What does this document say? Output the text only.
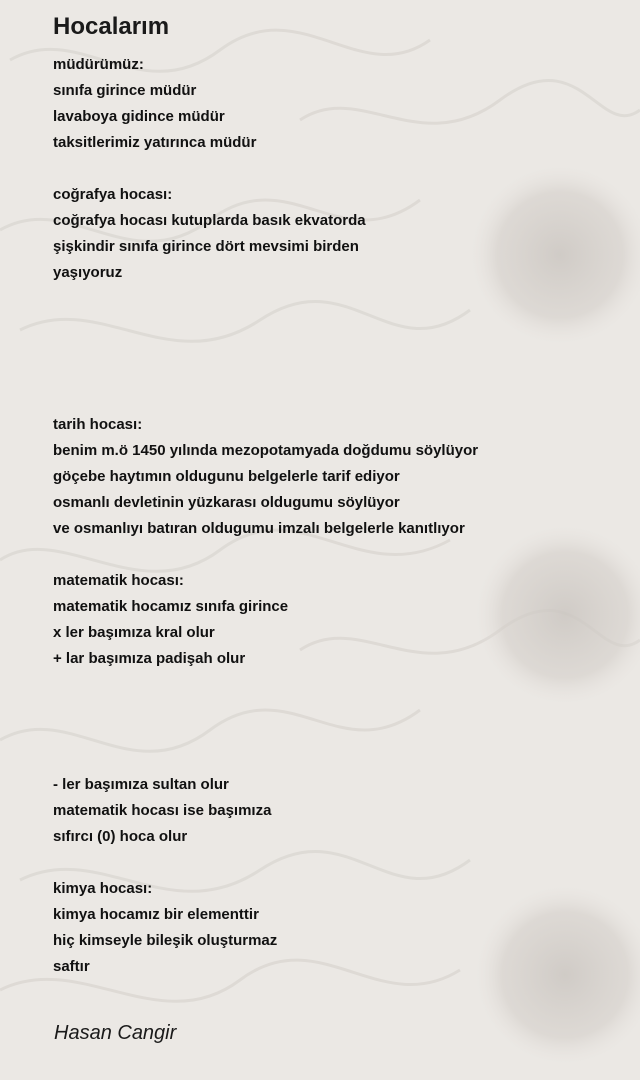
Hocalarım
müdürümüz:
sınıfa girince müdür
lavaboya gidince müdür
taksitlerimiz yatırınca müdür
coğrafya hocası:
coğrafya hocası kutuplarda basık ekvatorda
şişkindir sınıfa girince dört mevsimi birden
yaşıyoruz
tarih hocası:
benim m.ö 1450 yılında mezopotamyada doğdumu söylüyor
göçebe haytımın oldugunu belgelerle tarif ediyor
osmanlı devletinin yüzkarası oldugumu söylüyor
ve osmanlıyı batıran oldugumu imzalı belgelerle kanıtlıyor
matematik hocası:
matematik hocamız sınıfa girince
x ler başımıza kral olur
+ lar başımıza padişah olur
- ler başımıza sultan olur
matematik hocası ise başımıza
sıfırcı (0) hoca olur
kimya hocası:
kimya hocamız bir elementtir
hiç kimseyle bileşik oluşturmaz
saftır
Hasan Cangir
